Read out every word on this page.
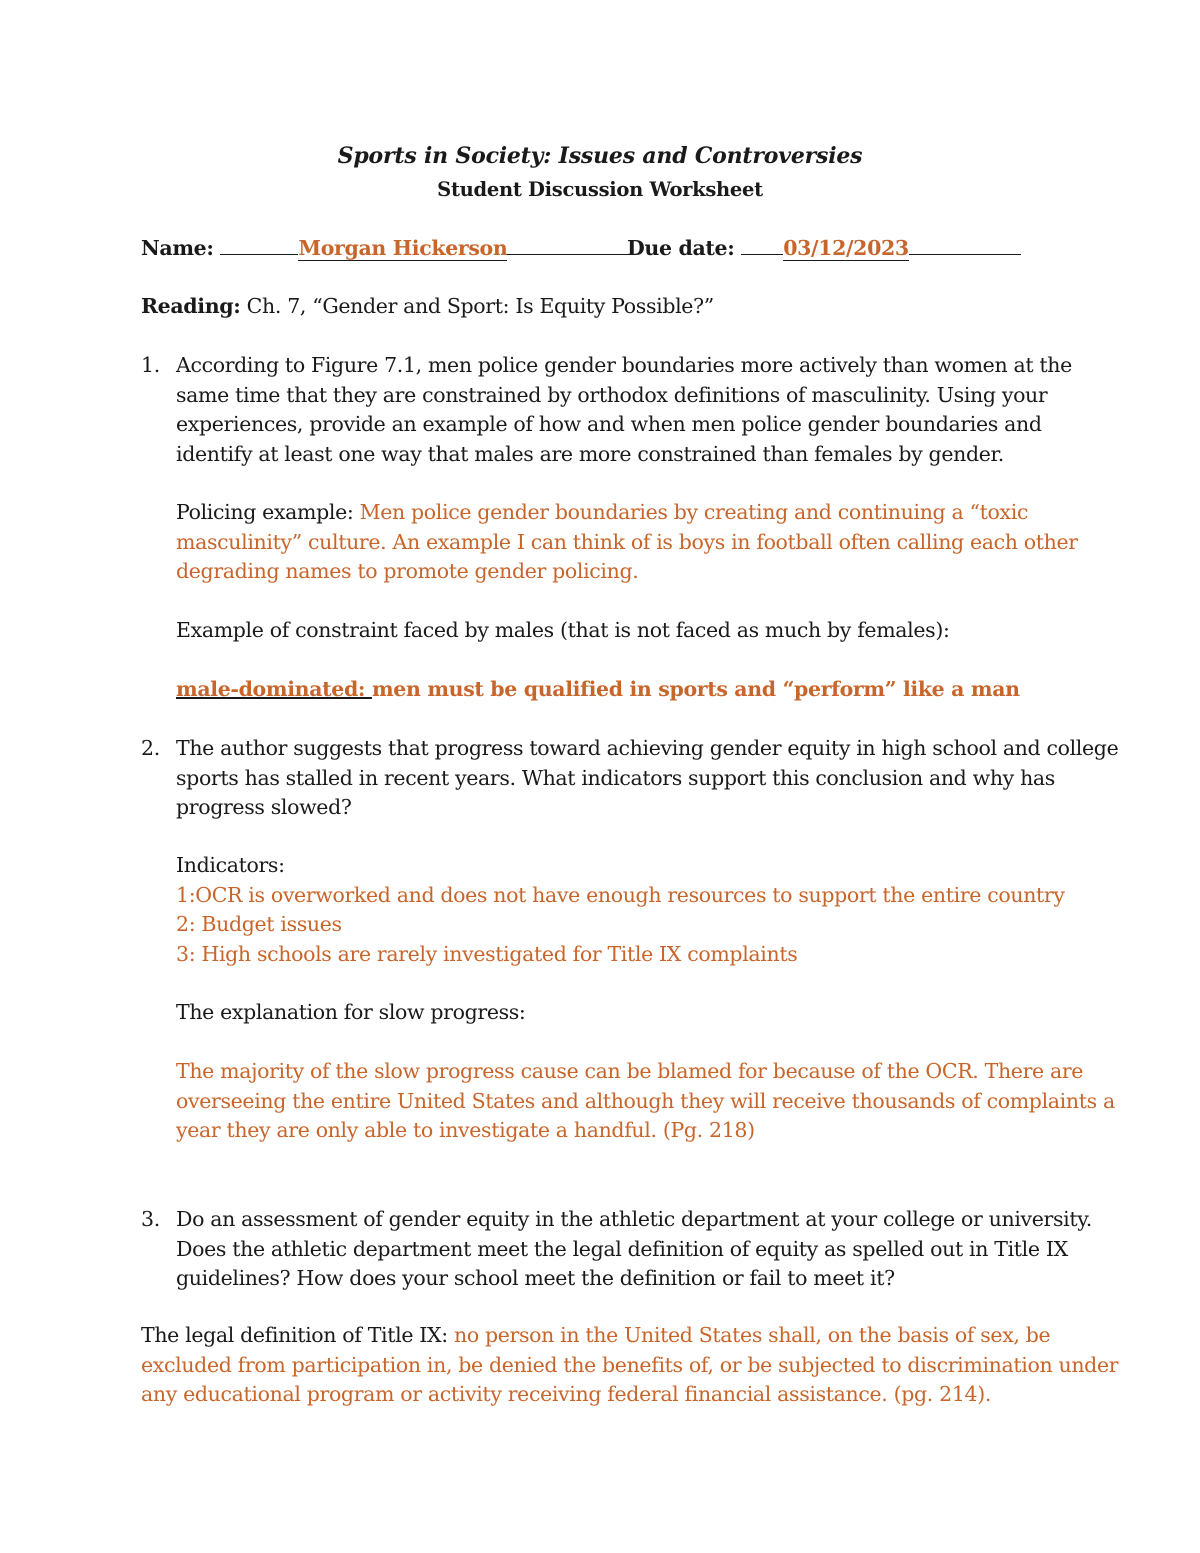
Sports in Society: Issues and Controversies
Student Discussion Worksheet
Name:	Morgan Hickerson	Due date: 03/12/2023
Reading: Ch. 7, “Gender and Sport: Is Equity Possible?”
1. According to Figure 7.1, men police gender boundaries more actively than women at the
same time that they are constrained by orthodox definitions of masculinity. Using your
experiences, provide an example of how and when men police gender boundaries and
identify at least one way that males are more constrained than females by gender.
Policing example: Men police gender boundaries by creating and continuing a “toxic
masculinity” culture. An example I can think of is boys in football often calling each other
degrading names to promote gender policing.
Example of constraint faced by males (that is not faced as much by females):
male-dominated: men must be qualified in sports and “perform” like a man
2. The author suggests that progress toward achieving gender equity in high school and college
sports has stalled in recent years. What indicators support this conclusion and why has
progress slowed?
Indicators:
1:OCR is overworked and does not have enough resources to support the entire country
2: Budget issues
3: High schools are rarely investigated for Title IX complaints
The explanation for slow progress:
The majority of the slow progress cause can be blamed for because of the OCR. There are
overseeing the entire United States and although they will receive thousands of complaints a
year they are only able to investigate a handful. (Pg. 218)
3. Do an assessment of gender equity in the athletic department at your college or university.
Does the athletic department meet the legal definition of equity as spelled out in Title IX
guidelines? How does your school meet the definition or fail to meet it?
The legal definition of Title IX: no person in the United States shall, on the basis of sex, be
excluded from participation in, be denied the benefits of, or be subjected to discrimination under
any educational program or activity receiving federal financial assistance. (pg. 214).
